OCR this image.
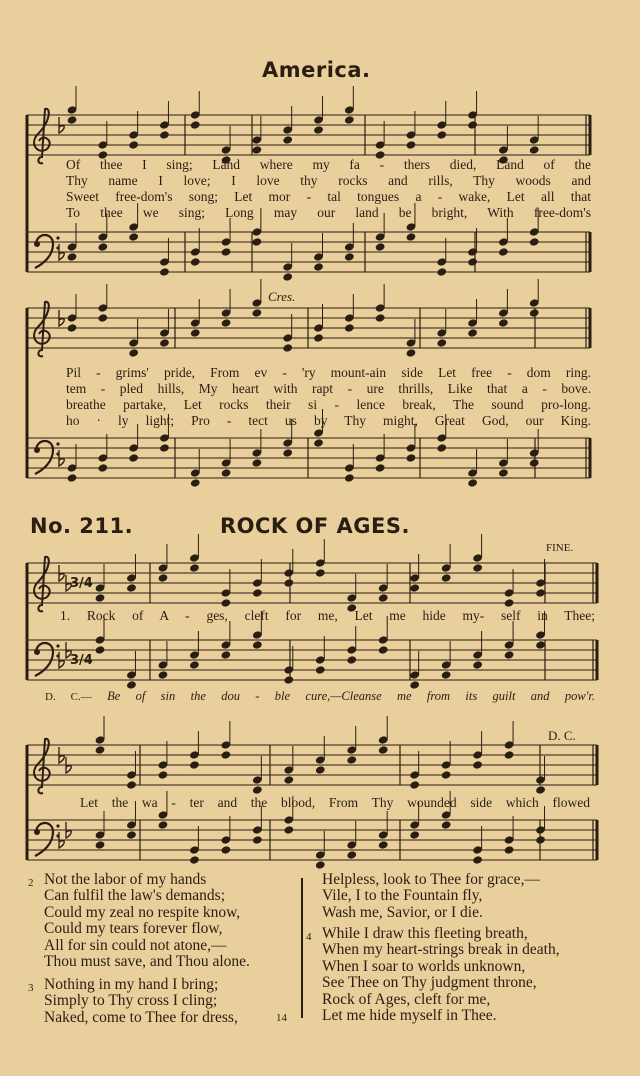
America.
Of thee I sing; Land where my fa - thers died, Land of the
Thy name I love; I love thy rocks and rills, Thy woods and
Sweet free-dom's song; Let mor - tal tongues a - wake, Let all that
To thee we sing; Long may our land be bright, With free-dom's
Cres.
Pil - grims' pride, From ev - 'ry mount-ain side Let free - dom ring.
tem - pled hills, My heart with rapt - ure thrills, Like that a - bove.
breathe partake, Let rocks their si - lence break, The sound pro-long.
ho · ly light; Pro - tect us by Thy might, Great God, our King.
No. 211.	ROCK OF AGES.
FINE.
3/4
3/4
1. Rock of A - ges, cleft for me, Let me hide my- self in Thee;
D. C.— Be of sin the dou - ble cure,—Cleanse me from its guilt and pow'r.
D. C.
Let the wa - ter and the blood, From Thy wounded side which flowed
2 Not the labor of my hands
Can fulfil the law's demands;
Could my zeal no respite know,
Could my tears forever flow,
All for sin could not atone,—
Thou must save, and Thou alone.
3 Nothing in my hand I bring;
Simply to Thy cross I cling;
Naked, come to Thee for dress,	14
Helpless, look to Thee for grace,—
Vile, I to the Fountain fly,
Wash me, Savior, or I die.
4 While I draw this fleeting breath,
When my heart-strings break in death,
When I soar to worlds unknown,
See Thee on Thy judgment throne,
Rock of Ages, cleft for me,
Let me hide myself in Thee.
